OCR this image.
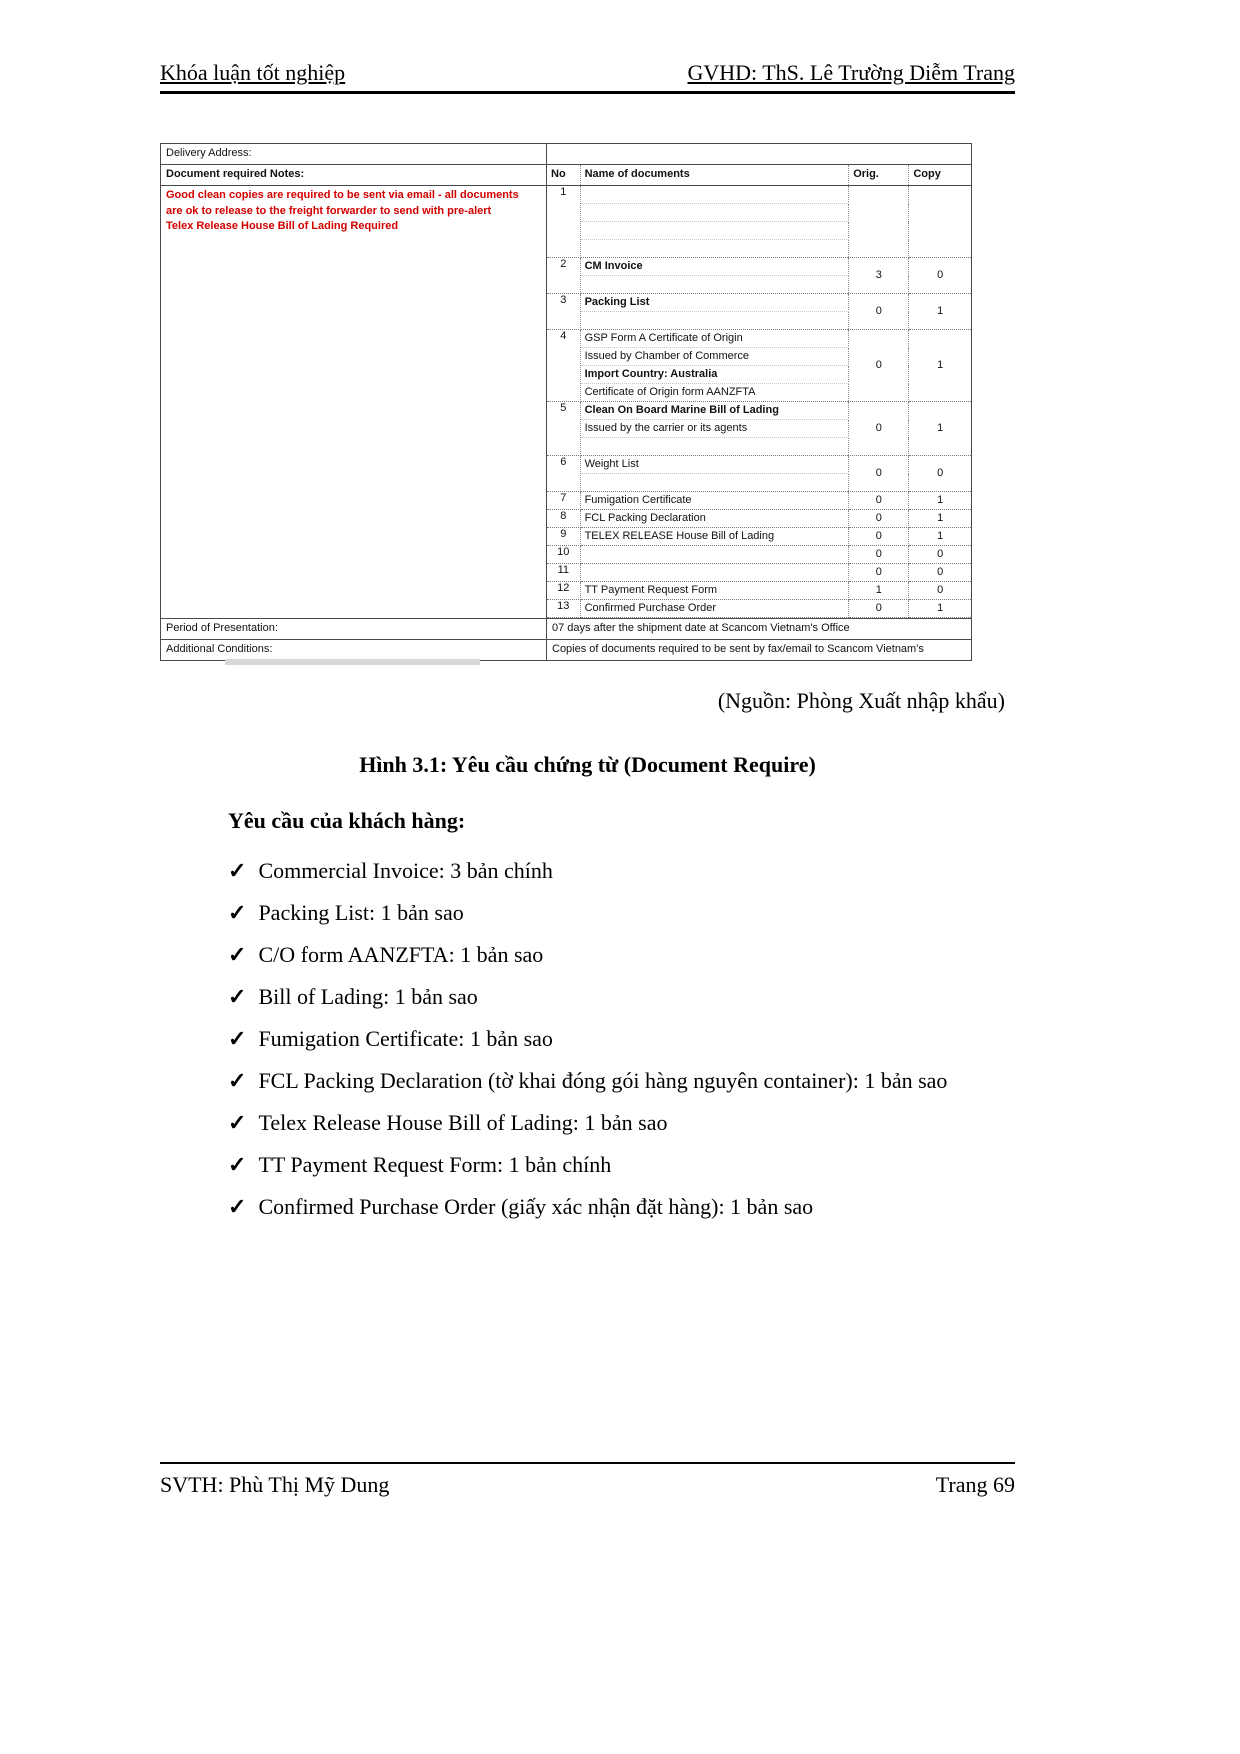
Khóa luận tốt nghiệp	GVHD: ThS. Lê Trường Diễm Trang
Delivery Address:
Document required Notes:
Good clean copies are required to be sent via email - all documents
are ok to release to the freight forwarder to send with pre-alert
Telex Release House Bill of Lading Required
No	Name of documents	Orig.	Copy
1			

2	CM Invoice	3	0

3	Packing List	0	1

4	GSP Form A Certificate of Origin	0	1
	Issued by Chamber of Commerce		
	Import Country: Australia		
	Certificate of Origin form AANZFTA		
5	Clean On Board Marine Bill of Lading	0	1
	Issued by the carrier or its agents		

6	Weight List	0	0

7	Fumigation Certificate	0	1
8	FCL Packing Declaration	0	1
9	TELEX RELEASE House Bill of Lading	0	1
10		0	0
11		0	0
12	TT Payment Request Form	1	0
13	Confirmed Purchase Order	0	1
Period of Presentation:	07 days after the shipment date at Scancom Vietnam's Office
Additional Conditions:	Copies of documents required to be sent by fax/email to Scancom Vietnam's
(Nguồn: Phòng Xuất nhập khẩu)
Hình 3.1: Yêu cầu chứng từ (Document Require)
Yêu cầu của khách hàng:
✓ Commercial Invoice: 3 bản chính
✓ Packing List: 1 bản sao
✓ C/O form AANZFTA: 1 bản sao
✓ Bill of Lading: 1 bản sao
✓ Fumigation Certificate: 1 bản sao
✓ FCL Packing Declaration (tờ khai đóng gói hàng nguyên container): 1 bản sao
✓ Telex Release House Bill of Lading: 1 bản sao
✓ TT Payment Request Form: 1 bản chính
✓ Confirmed Purchase Order (giấy xác nhận đặt hàng): 1 bản sao
SVTH: Phù Thị Mỹ Dung	Trang 69
